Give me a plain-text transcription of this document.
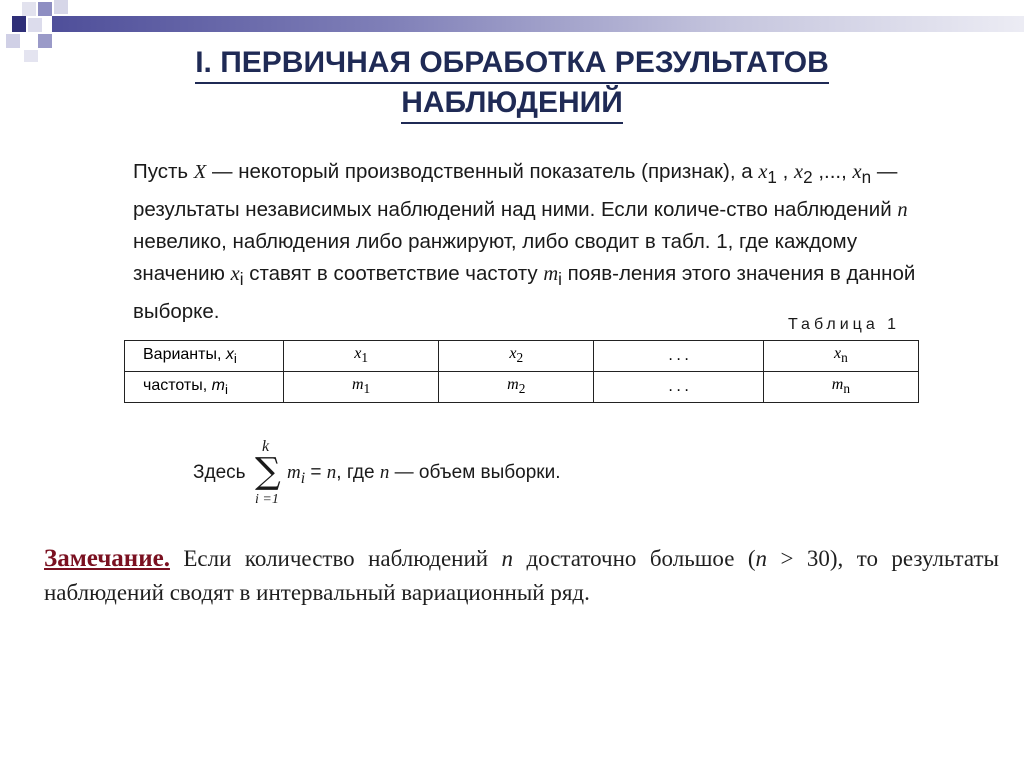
I. ПЕРВИЧНАЯ ОБРАБОТКА РЕЗУЛЬТАТОВ
НАБЛЮДЕНИЙ
Пусть X — некоторый производственный показатель (признак), а $x_1$ , $x_2$ ,..., $x_n$ — результаты независимых наблюдений над ними. Если количе-ство наблюдений n невелико, наблюдения либо ранжируют, либо сводит в табл. 1, где каждому значению $x_i$ ставят в соответствие частоту $m_i$ появ-ления этого значения в данной выборке.
Таблица 1
Варианты, $x_i$	$x_1$	$x_2$	. . .	$x_n$
частоты, $m_i$	$m_1$	$m_2$	. . .	$m_n$
Здесь
k
∑
i =1
$m_i = n$, где n — объем выборки.
Замечание. Если количество наблюдений n достаточно большое (n > 30), то результаты наблюдений сводят в интервальный вариационный ряд.
